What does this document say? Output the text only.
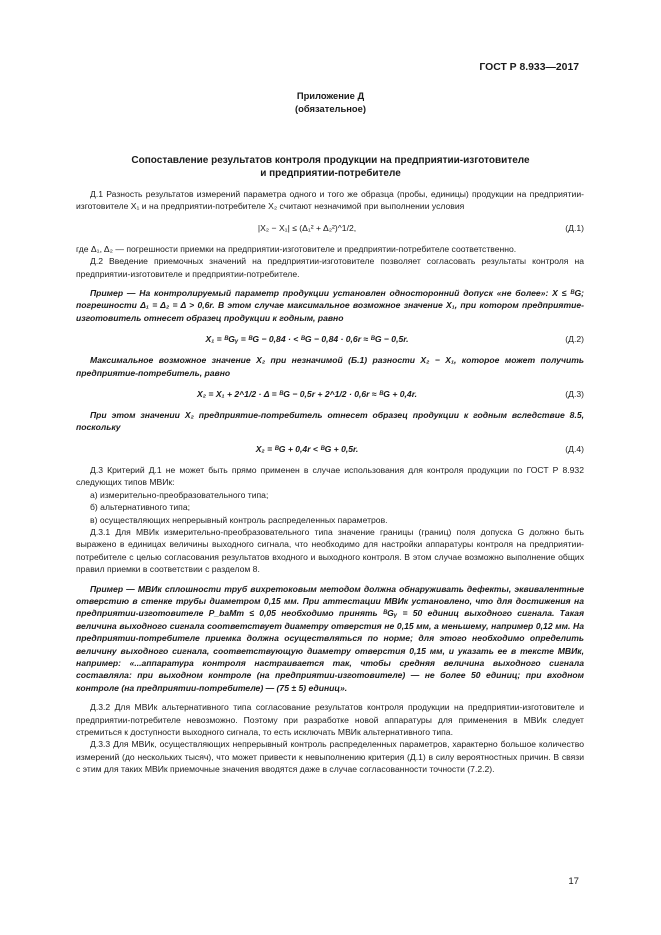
ГОСТ Р 8.933—2017
Приложение Д
(обязательное)
Сопоставление результатов контроля продукции на предприятии-изготовителе
и предприятии-потребителе

Д.1 Разность результатов измерений параметра одного и того же образца (пробы, единицы) продукции на предприятии-изготовителе X₁ и на предприятии-потребителе X₂ считают незначимой при выполнении условия

|X₂ − X₁| ≤ (Δ₁² + Δ₂²)^1/2,	(Д.1)

где Δ₁, Δ₂ — погрешности приемки на предприятии-изготовителе и предприятии-потребителе соответственно.

Д.2 Введение приемочных значений на предприятии-изготовителе позволяет согласовать результаты контроля на предприятии-изготовителе и предприятии-потребителе.

Пример — На контролируемый параметр продукции установлен односторонний допуск «не более»: X ≤ ᴮG; погрешности Δ₁ = Δ₂ = Δ > 0,6r. В этом случае максимальное возможное значение X₁, при котором предприятие-изготовитель отнесет образец продукции к годным, равно

X₁ = ᴮGᵧ = ᴮG − 0,84 · < ᴮG − 0,84 · 0,6r ≈ ᴮG − 0,5r.	(Д.2)

Максимальное возможное значение X₂ при незначимой (Б.1) разности X₂ − X₁, которое может получить предприятие-потребитель, равно

X₂ = X₁ + 2^1/2 · Δ = ᴮG − 0,5r + 2^1/2 · 0,6r ≈ ᴮG + 0,4r.	(Д.3)

При этом значении X₂ предприятие-потребитель отнесет образец продукции к годным вследствие 8.5, поскольку

X₂ = ᴮG + 0,4r < ᴮG + 0,5r.	(Д.4)

Д.3 Критерий Д.1 не может быть прямо применен в случае использования для контроля продукции по ГОСТ Р 8.932 следующих типов МВИк:

а) измерительно-преобразовательного типа;

б) альтернативного типа;

в) осуществляющих непрерывный контроль распределенных параметров.

Д.3.1 Для МВИк измерительно-преобразовательного типа значение границы (границ) поля допуска G должно быть выражено в единицах величины выходного сигнала, что необходимо для настройки аппаратуры контроля на предприятии-потребителе с целью согласования результатов входного и выходного контроля. В этом случае возможно выполнение общих правил приемки в соответствии с разделом 8.

Пример — МВИк сплошности труб вихретоковым методом должна обнаруживать дефекты, эквивалентные отверстию в стенке трубы диаметром 0,15 мм. При аттестации МВИк установлено, что для достижения на предприятии-изготовителе P_baMm ≤ 0,05 необходимо принять ᴮGᵧ = 50 единиц выходного сигнала. Такая величина выходного сигнала соответствует диаметру отверстия не 0,15 мм, а меньшему, например 0,12 мм. На предприятии-потребителе приемка должна осуществляться по норме; для этого необходимо определить величину выходного сигнала, соответствующую диаметру отверстия 0,15 мм, и указать ее в тексте МВИк, например: «...аппаратура контроля настраивается так, чтобы средняя величина выходного сигнала составляла: при выходном контроле (на предприятии-изготовителе) — не более 50 единиц; при входном контроле (на предприятии-потребителе) — (75 ± 5) единиц».

Д.3.2 Для МВИк альтернативного типа согласование результатов контроля продукции на предприятии-изготовителе и предприятии-потребителе невозможно. Поэтому при разработке новой аппаратуры для применения в МВИк следует стремиться к доступности выходного сигнала, то есть исключать МВИк альтернативного типа.

Д.3.3 Для МВИк, осуществляющих непрерывный контроль распределенных параметров, характерно большое количество измерений (до нескольких тысяч), что может привести к невыполнению критерия (Д.1) в силу вероятностных причин. В связи с этим для таких МВИк приемочные значения вводятся даже в случае согласованности точности (7.2.2).

17
